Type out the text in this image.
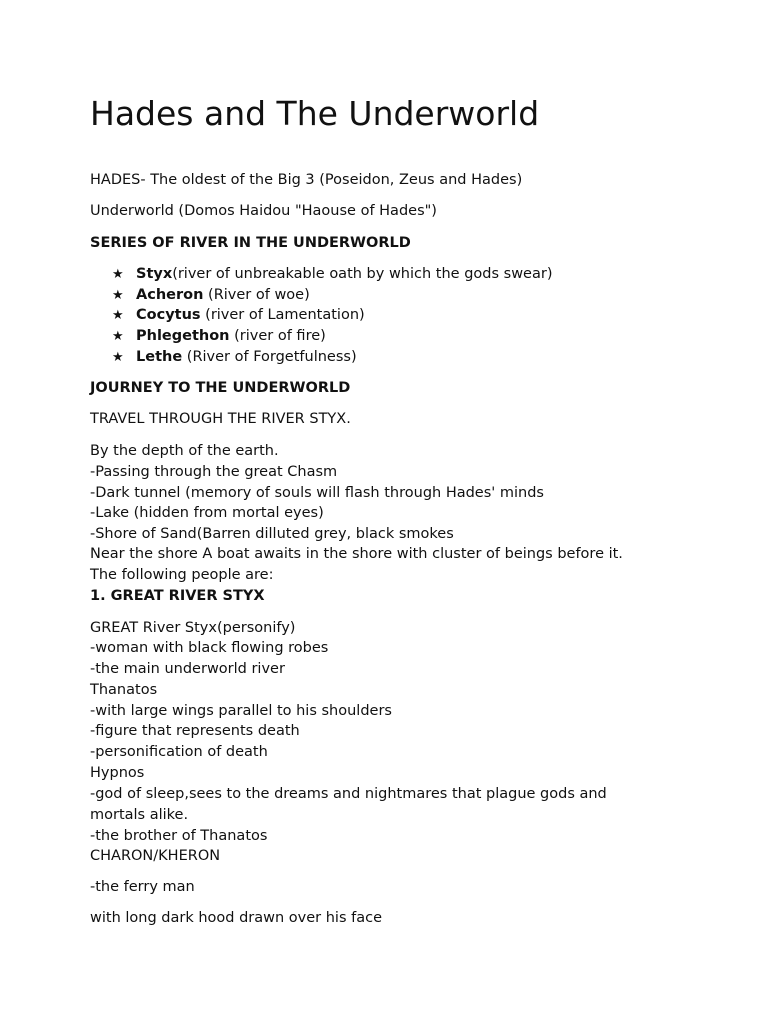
Hades and The Underworld
HADES- The oldest of the Big 3 (Poseidon, Zeus and Hades)
Underworld (Domos Haidou "Haouse of Hades")
SERIES OF RIVER IN THE UNDERWORLD
★ Styx(river of unbreakable oath by which the gods swear)
★ Acheron (River of woe)
★ Cocytus (river of Lamentation)
★ Phlegethon (river of fire)
★ Lethe (River of Forgetfulness)
JOURNEY TO THE UNDERWORLD
TRAVEL THROUGH THE RIVER STYX.
By the depth of the earth.
-Passing through the great Chasm
-Dark tunnel (memory of souls will flash through Hades' minds
-Lake (hidden from mortal eyes)
-Shore of Sand(Barren dilluted grey, black smokes
Near the shore A boat awaits in the shore with cluster of beings before it.
The following people are:
1. GREAT RIVER STYX
GREAT River Styx(personify)
-woman with black flowing robes
-the main underworld river
Thanatos
-with large wings parallel to his shoulders
-figure that represents death
-personification of death
Hypnos
-god of sleep,sees to the dreams and nightmares that plague gods and
mortals alike.
-the brother of Thanatos
CHARON/KHERON
-the ferry man
with long dark hood drawn over his face
